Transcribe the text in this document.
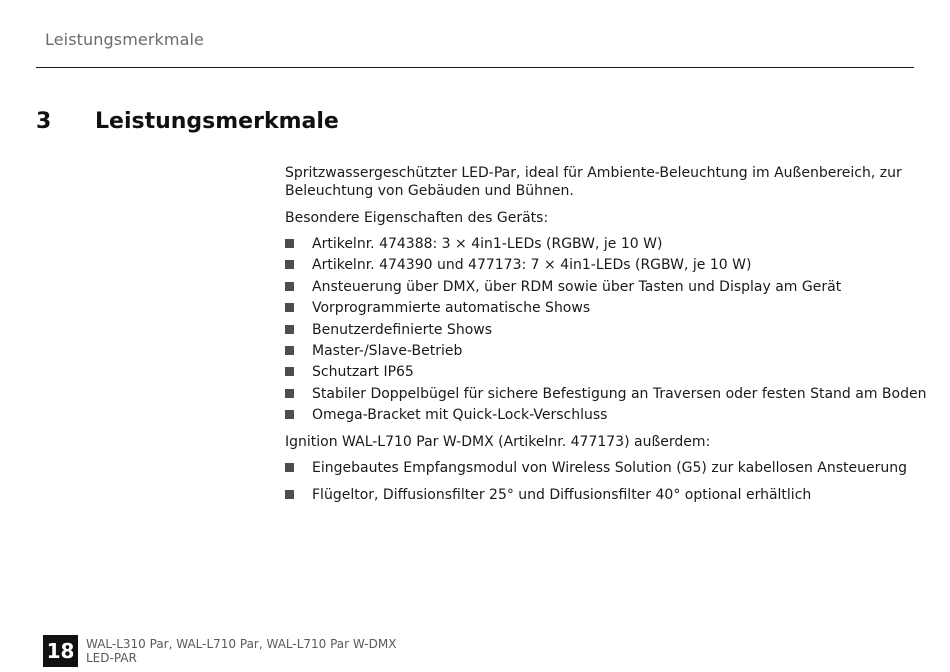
Leistungsmerkmale
3	Leistungsmerkmale

Spritzwassergeschützter LED-Par, ideal für Ambiente-Beleuchtung im Außenbereich, zur Beleuchtung von Gebäuden und Bühnen.

Besondere Eigenschaften des Geräts:

Artikelnr. 474388: 3 × 4in1-LEDs (RGBW, je 10 W)
Artikelnr. 474390 und 477173: 7 × 4in1-LEDs (RGBW, je 10 W)
Ansteuerung über DMX, über RDM sowie über Tasten und Display am Gerät
Vorprogrammierte automatische Shows
Benutzerdefinierte Shows
Master-/Slave-Betrieb
Schutzart IP65
Stabiler Doppelbügel für sichere Befestigung an Traversen oder festen Stand am Boden
Omega-Bracket mit Quick-Lock-Verschluss

Ignition WAL-L710 Par W-DMX (Artikelnr. 477173) außerdem:

Eingebautes Empfangsmodul von Wireless Solution (G5) zur kabellosen Ansteuerung
Flügeltor, Diffusionsfilter 25° und Diffusionsfilter 40° optional erhältlich
18 WAL-L310 Par, WAL-L710 Par, WAL-L710 Par W-DMX
LED-PAR
